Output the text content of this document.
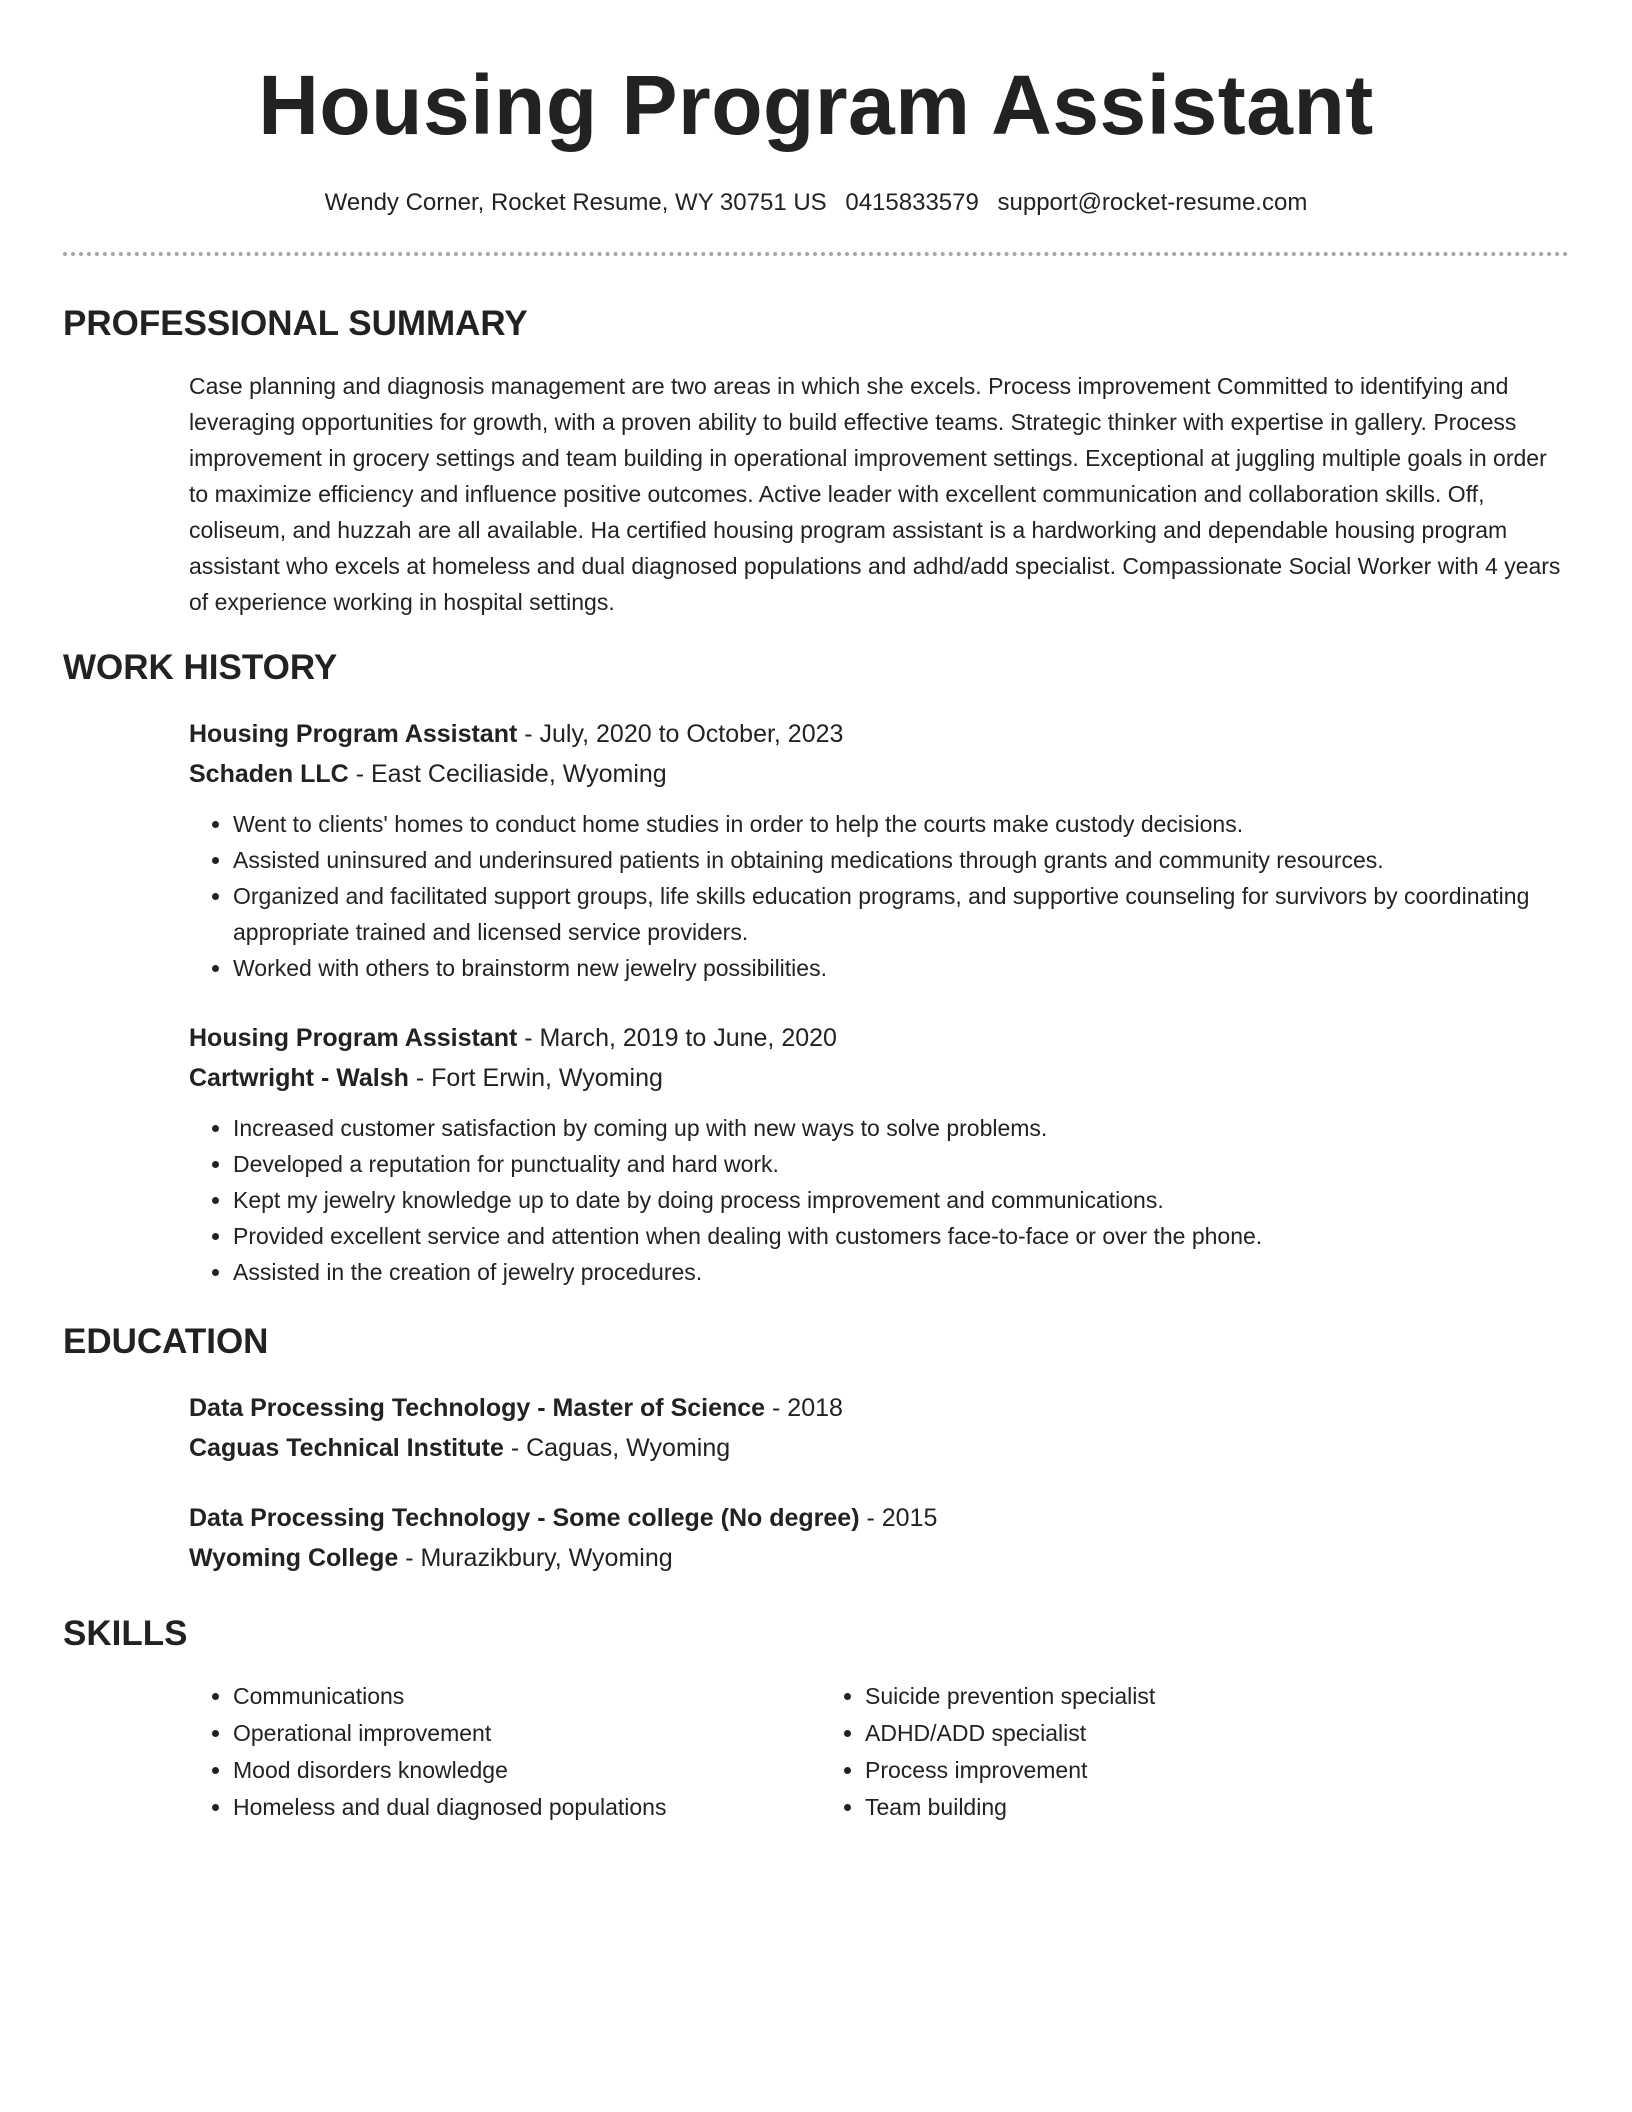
Housing Program Assistant
Wendy Corner, Rocket Resume, WY 30751 US 0415833579 support@rocket-resume.com
PROFESSIONAL SUMMARY

Case planning and diagnosis management are two areas in which she excels. Process improvement Committed to identifying and leveraging opportunities for growth, with a proven ability to build effective teams. Strategic thinker with expertise in gallery. Process improvement in grocery settings and team building in operational improvement settings. Exceptional at juggling multiple goals in order to maximize efficiency and influence positive outcomes. Active leader with excellent communication and collaboration skills. Off, coliseum, and huzzah are all available. Ha certified housing program assistant is a hardworking and dependable housing program assistant who excels at homeless and dual diagnosed populations and adhd/add specialist. Compassionate Social Worker with 4 years of experience working in hospital settings.

WORK HISTORY
Housing Program Assistant - July, 2020 to October, 2023
Schaden LLC - East Ceciliaside, Wyoming
• Went to clients' homes to conduct home studies in order to help the courts make custody decisions.
• Assisted uninsured and underinsured patients in obtaining medications through grants and community resources.
• Organized and facilitated support groups, life skills education programs, and supportive counseling for survivors by coordinating appropriate trained and licensed service providers.
• Worked with others to brainstorm new jewelry possibilities.
Housing Program Assistant - March, 2019 to June, 2020
Cartwright - Walsh - Fort Erwin, Wyoming
• Increased customer satisfaction by coming up with new ways to solve problems.
• Developed a reputation for punctuality and hard work.
• Kept my jewelry knowledge up to date by doing process improvement and communications.
• Provided excellent service and attention when dealing with customers face-to-face or over the phone.
• Assisted in the creation of jewelry procedures.
EDUCATION
Data Processing Technology - Master of Science - 2018
Caguas Technical Institute - Caguas, Wyoming
Data Processing Technology - Some college (No degree) - 2015
Wyoming College - Murazikbury, Wyoming
SKILLS
• Communications
• Operational improvement
• Mood disorders knowledge
• Homeless and dual diagnosed populations
• Suicide prevention specialist
• ADHD/ADD specialist
• Process improvement
• Team building
